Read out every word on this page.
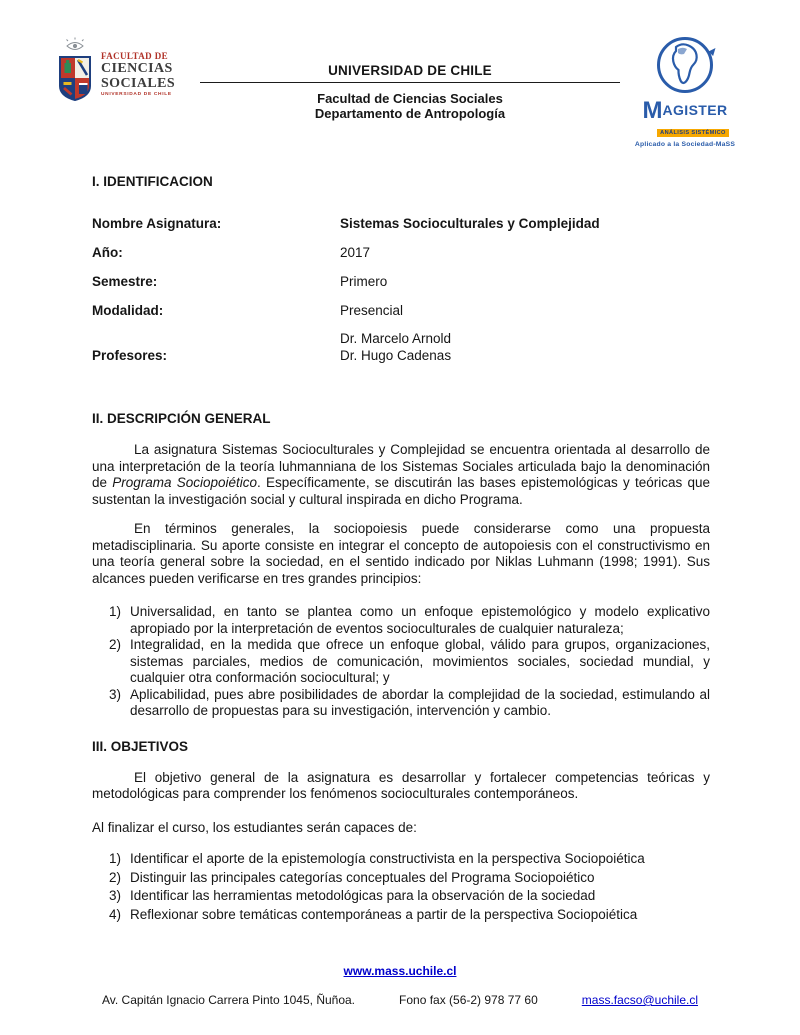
FACULTAD DE
CIENCIAS
SOCIALES
UNIVERSIDAD DE CHILE
UNIVERSIDAD DE CHILE
Facultad de Ciencias Sociales
Departamento de Antropología	MAGISTER
ANÁLISIS SISTÉMICO
Aplicado a la Sociedad-MaSS

I. IDENTIFICACION

Nombre Asignatura:	Sistemas Socioculturales y Complejidad
Año:	2017
Semestre:	Primero
Modalidad:	Presencial
Profesores:
Dr. Marcelo Arnold
Dr. Hugo Cadenas

II. DESCRIPCIÓN GENERAL

La asignatura Sistemas Socioculturales y Complejidad se encuentra orientada al desarrollo de una interpretación de la teoría luhmanniana de los Sistemas Sociales articulada bajo la denominación de Programa Sociopoiético. Específicamente, se discutirán las bases epistemológicas y teóricas que sustentan la investigación social y cultural inspirada en dicho Programa.

En términos generales, la sociopoiesis puede considerarse como una propuesta metadisciplinaria. Su aporte consiste en integrar el concepto de autopoiesis con el constructivismo en una teoría general sobre la sociedad, en el sentido indicado por Niklas Luhmann (1998; 1991). Sus alcances pueden verificarse en tres grandes principios:

1) Universalidad, en tanto se plantea como un enfoque epistemológico y modelo explicativo apropiado por la interpretación de eventos socioculturales de cualquier naturaleza;
2) Integralidad, en la medida que ofrece un enfoque global, válido para grupos, organizaciones, sistemas parciales, medios de comunicación, movimientos sociales, sociedad mundial, y cualquier otra conformación sociocultural; y
3) Aplicabilidad, pues abre posibilidades de abordar la complejidad de la sociedad, estimulando al desarrollo de propuestas para su investigación, intervención y cambio.

III. OBJETIVOS

El objetivo general de la asignatura es desarrollar y fortalecer competencias teóricas y metodológicas para comprender los fenómenos socioculturales contemporáneos.

Al finalizar el curso, los estudiantes serán capaces de:

1) Identificar el aporte de la epistemología constructivista en la perspectiva Sociopoiética
2) Distinguir las principales categorías conceptuales del Programa Sociopoiético
3) Identificar las herramientas metodológicas para la observación de la sociedad
4) Reflexionar sobre temáticas contemporáneas a partir de la perspectiva Sociopoiética
www.mass.uchile.cl
Av. Capitán Ignacio Carrera Pinto 1045, Ñuñoa.	Fono fax (56-2) 978 77 60	mass.facso@uchile.cl
